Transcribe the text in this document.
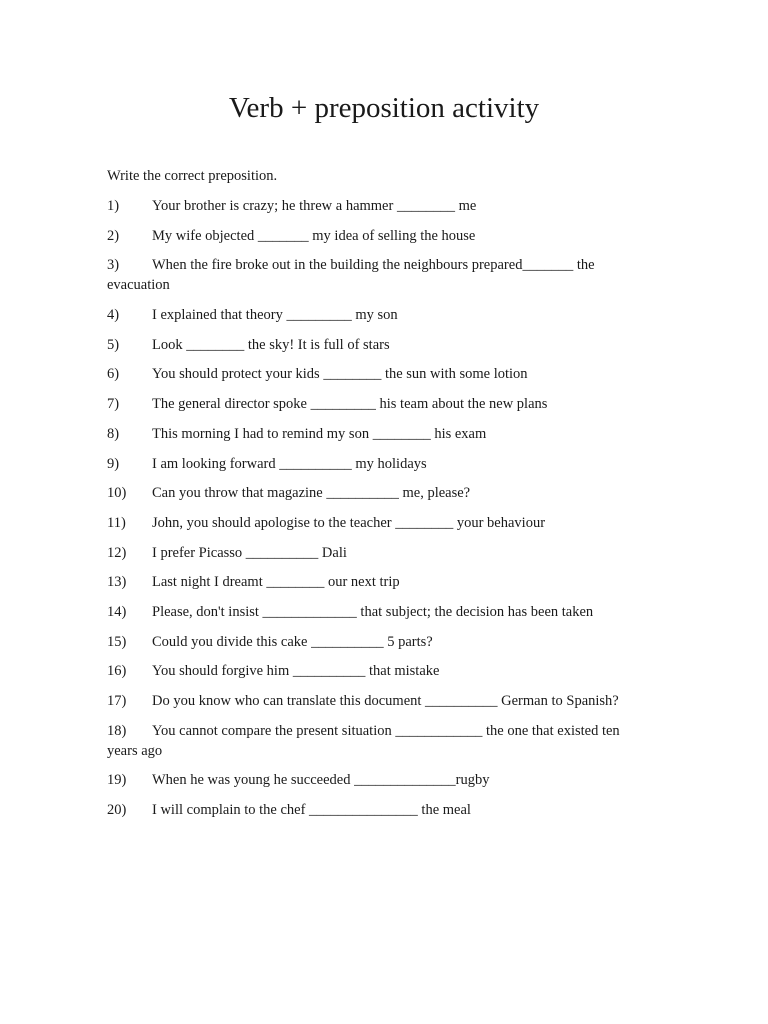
Verb + preposition activity

Write the correct preposition.

1) Your brother is crazy; he threw a hammer ________ me
2) My wife objected _______ my idea of selling the house
3) When the fire broke out in the building the neighbours prepared_______ the evacuation
4) I explained that theory _________ my son
5) Look ________ the sky! It is full of stars
6) You should protect your kids ________ the sun with some lotion
7) The general director spoke _________ his team about the new plans
8) This morning I had to remind my son ________ his exam
9) I am looking forward __________ my holidays
10) Can you throw that magazine __________ me, please?
11) John, you should apologise to the teacher ________ your behaviour
12) I prefer Picasso __________ Dali
13) Last night I dreamt ________ our next trip
14) Please, don't insist _____________ that subject; the decision has been taken
15) Could you divide this cake __________ 5 parts?
16) You should forgive him __________ that mistake
17) Do you know who can translate this document __________ German to Spanish?
18) You cannot compare the present situation ____________ the one that existed ten years ago
19) When he was young he succeeded ______________rugby
20) I will complain to the chef _______________ the meal
